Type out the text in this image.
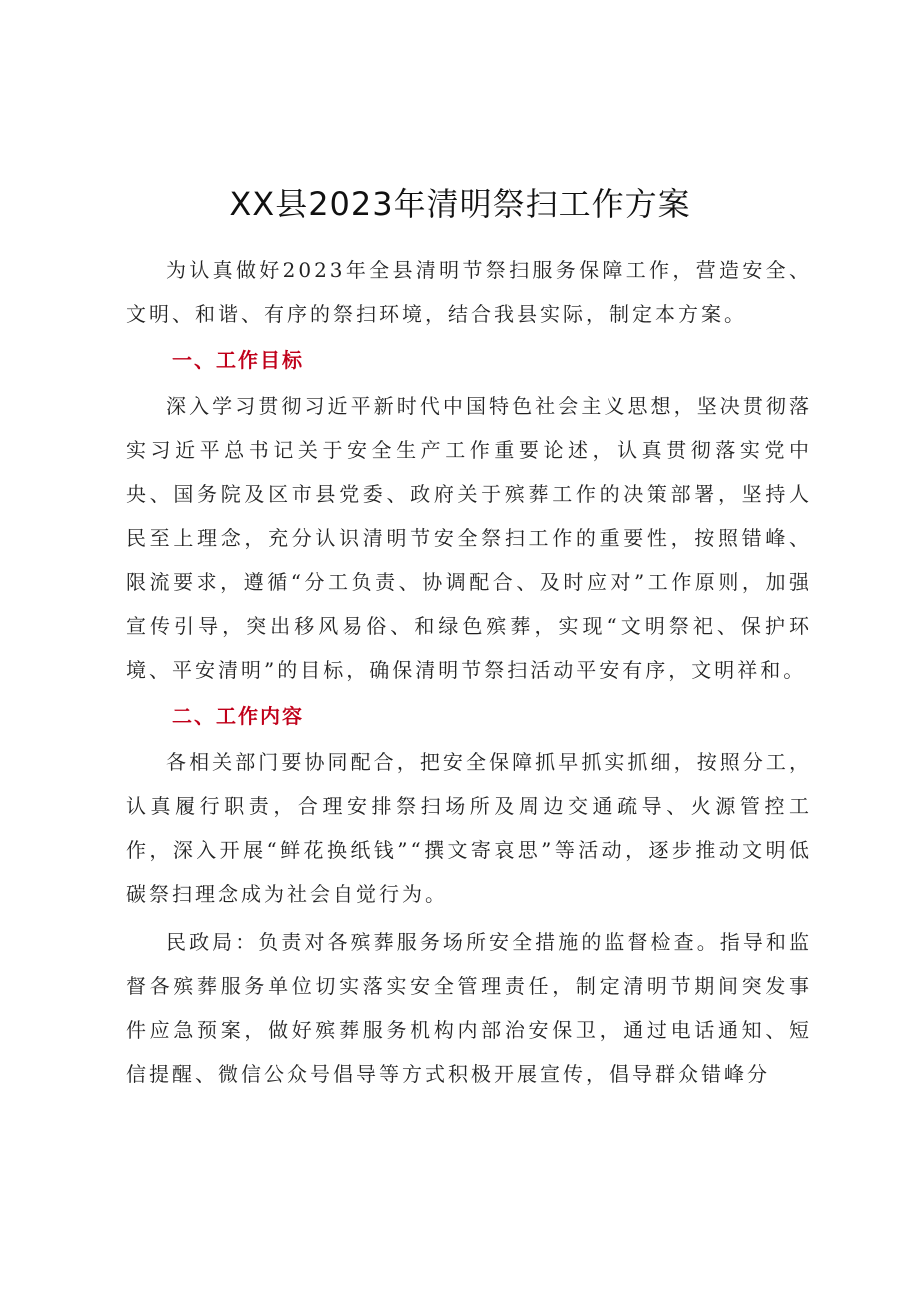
XX县2023年清明祭扫工作方案

为认真做好2023年全县清明节祭扫服务保障工作，营造安全、文明、和谐、有序的祭扫环境，结合我县实际，制定本方案。

一、工作目标

深入学习贯彻习近平新时代中国特色社会主义思想，坚决贯彻落实习近平总书记关于安全生产工作重要论述，认真贯彻落实党中央、国务院及区市县党委、政府关于殡葬工作的决策部署，坚持人民至上理念，充分认识清明节安全祭扫工作的重要性，按照错峰、限流要求，遵循“分工负责、协调配合、及时应对”工作原则，加强宣传引导，突出移风易俗、和绿色殡葬，实现“文明祭祀、保护环境、平安清明”的目标，确保清明节祭扫活动平安有序，文明祥和。

二、工作内容

各相关部门要协同配合，把安全保障抓早抓实抓细，按照分工，认真履行职责，合理安排祭扫场所及周边交通疏导、火源管控工作，深入开展“鲜花换纸钱”“撰文寄哀思”等活动，逐步推动文明低碳祭扫理念成为社会自觉行为。

民政局：负责对各殡葬服务场所安全措施的监督检查。指导和监督各殡葬服务单位切实落实安全管理责任，制定清明节期间突发事件应急预案，做好殡葬服务机构内部治安保卫，通过电话通知、短信提醒、微信公众号倡导等方式积极开展宣传，倡导群众错峰分
